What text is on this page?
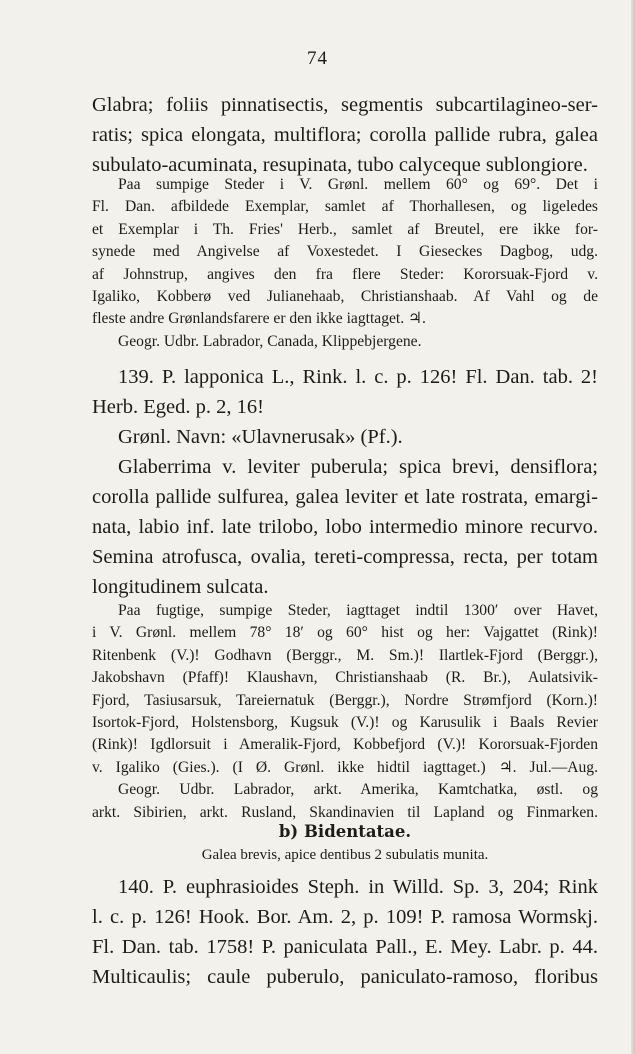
74
Glabra; foliis pinnatisectis, segmentis subcartilagineo-ser-
ratis; spica elongata, multiflora; corolla pallide rubra, galea
subulato-acuminata, resupinata, tubo calyceque sublongiore.
Paa sumpige Steder i V. Grønl. mellem 60° og 69°. Det i
Fl. Dan. afbildede Exemplar, samlet af Thorhallesen, og ligeledes
et Exemplar i Th. Fries' Herb., samlet af Breutel, ere ikke for-
synede med Angivelse af Voxestedet. I Gieseckes Dagbog, udg.
af Johnstrup, angives den fra flere Steder: Kororsuak-Fjord v.
Igaliko, Kobberø ved Julianehaab, Christianshaab. Af Vahl og de
fleste andre Grønlandsfarere er den ikke iagttaget. ♃.
Geogr. Udbr. Labrador, Canada, Klippebjergene.
139. P. lapponica L., Rink. l. c. p. 126! Fl. Dan. tab. 2!
Herb. Eged. p. 2, 16!
Grønl. Navn: «Ulavnerusak» (Pf.).
Glaberrima v. leviter puberula; spica brevi, densiflora;
corolla pallide sulfurea, galea leviter et late rostrata, emargi-
nata, labio inf. late trilobo, lobo intermedio minore recurvo.
Semina atrofusca, ovalia, tereti-compressa, recta, per totam
longitudinem sulcata.
Paa fugtige, sumpige Steder, iagttaget indtil 1300′ over Havet,
i V. Grønl. mellem 78° 18′ og 60° hist og her: Vajgattet (Rink)!
Ritenbenk (V.)! Godhavn (Berggr., M. Sm.)! Ilartlek-Fjord (Berggr.),
Jakobshavn (Pfaff)! Klaushavn, Christianshaab (R. Br.), Aulatsivik-
Fjord, Tasiusarsuk, Tareiernatuk (Berggr.), Nordre Strømfjord (Korn.)!
Isortok-Fjord, Holstensborg, Kugsuk (V.)! og Karusulik i Baals Revier
(Rink)! Igdlorsuit i Ameralik-Fjord, Kobbefjord (V.)! Kororsuak-Fjorden
v. Igaliko (Gies.). (I Ø. Grønl. ikke hidtil iagttaget.) ♃. Jul.—Aug.
Geogr. Udbr. Labrador, arkt. Amerika, Kamtchatka, østl. og
arkt. Sibirien, arkt. Rusland, Skandinavien til Lapland og Finmarken.
b) Bidentatae.
Galea brevis, apice dentibus 2 subulatis munita.
140. P. euphrasioides Steph. in Willd. Sp. 3, 204; Rink
l. c. p. 126! Hook. Bor. Am. 2, p. 109! P. ramosa Wormskj.
Fl. Dan. tab. 1758! P. paniculata Pall., E. Mey. Labr. p. 44.
Multicaulis; caule puberulo, paniculato-ramoso, floribus
